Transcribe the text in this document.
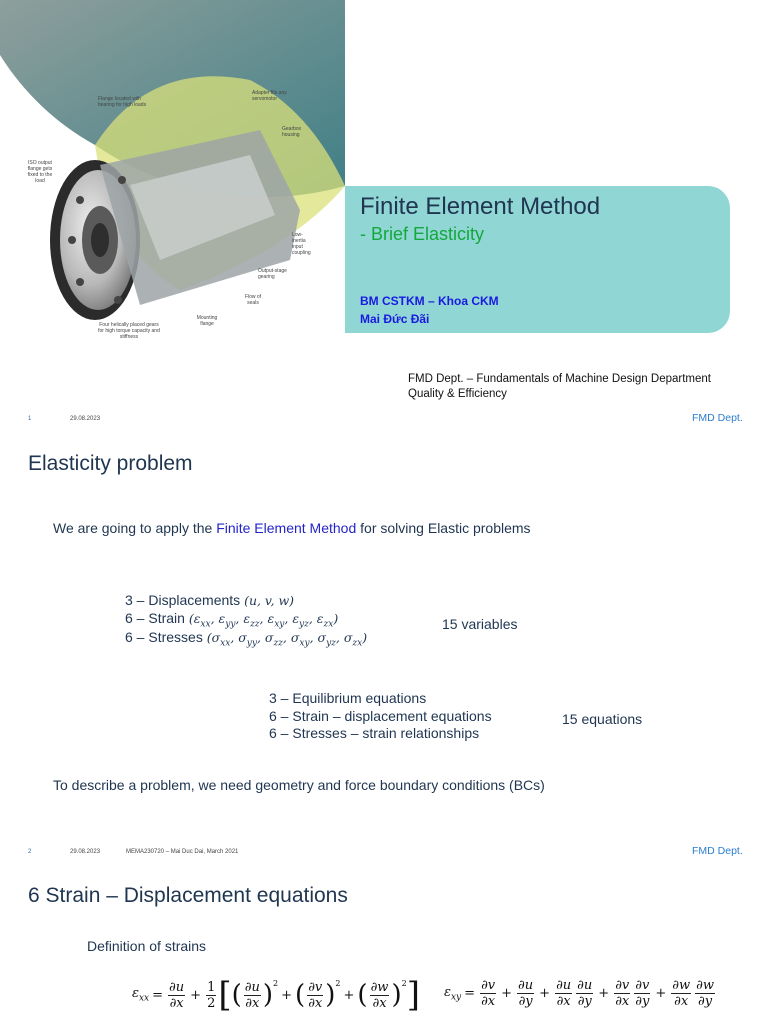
ISO output flange gets fixed to the load
Flange located with bearing for high loads
Four helically placed gears for high torque capacity and stiffness
Mounting flange
Flow of seals
Output-stage gearing
Low-inertia input coupling
Adapter fits any servomotor
Gearbox housing
Finite Element Method
- Brief Elasticity
BM CSTKM – Khoa CKM
Mai Đức Đãi
FMD Dept. – Fundamentals of Machine Design Department
Quality & Efficiency
1	29.08.2023	FMD Dept.
Elasticity problem
We are going to apply the Finite Element Method for solving Elastic problems
3 – Displacements (u, v, w)
6 – Strain ($\varepsilon_{xx}$, $\varepsilon_{yy}$, $\varepsilon_{zz}$, $\varepsilon_{xy}$, $\varepsilon_{yz}$, $\varepsilon_{zx}$)
6 – Stresses ($\sigma_{xx}$, $\sigma_{yy}$, $\sigma_{zz}$, $\sigma_{xy}$, $\sigma_{yz}$, $\sigma_{zx}$)
15 variables
3 – Equilibrium equations
6 – Strain – displacement equations
6 – Stresses – strain relationships
15 equations
To describe a problem, we need geometry and force boundary conditions (BCs)
2	29.08.2023	MEMA230720 – Mai Duc Dai, March 2021	FMD Dept.
6 Strain – Displacement equations
Definition of strains
$\varepsilon_{xx} = \frac{\partial u}{\partial x} + \frac{1}{2}$ [ ( $\frac{\partial u}{\partial x}$ ) 2
+ ( $\frac{\partial v}{\partial x}$ ) 2
+ ( $\frac{\partial w}{\partial x}$ ) 2 ] $\varepsilon_{xy} = \frac{\partial v}{\partial x} + \frac{\partial u}{\partial y} + \frac{\partial u}{\partial x} \frac{\partial u}{\partial y} + \frac{\partial v}{\partial x} \frac{\partial v}{\partial y} + \frac{\partial w}{\partial x} \frac{\partial w}{\partial y}$
